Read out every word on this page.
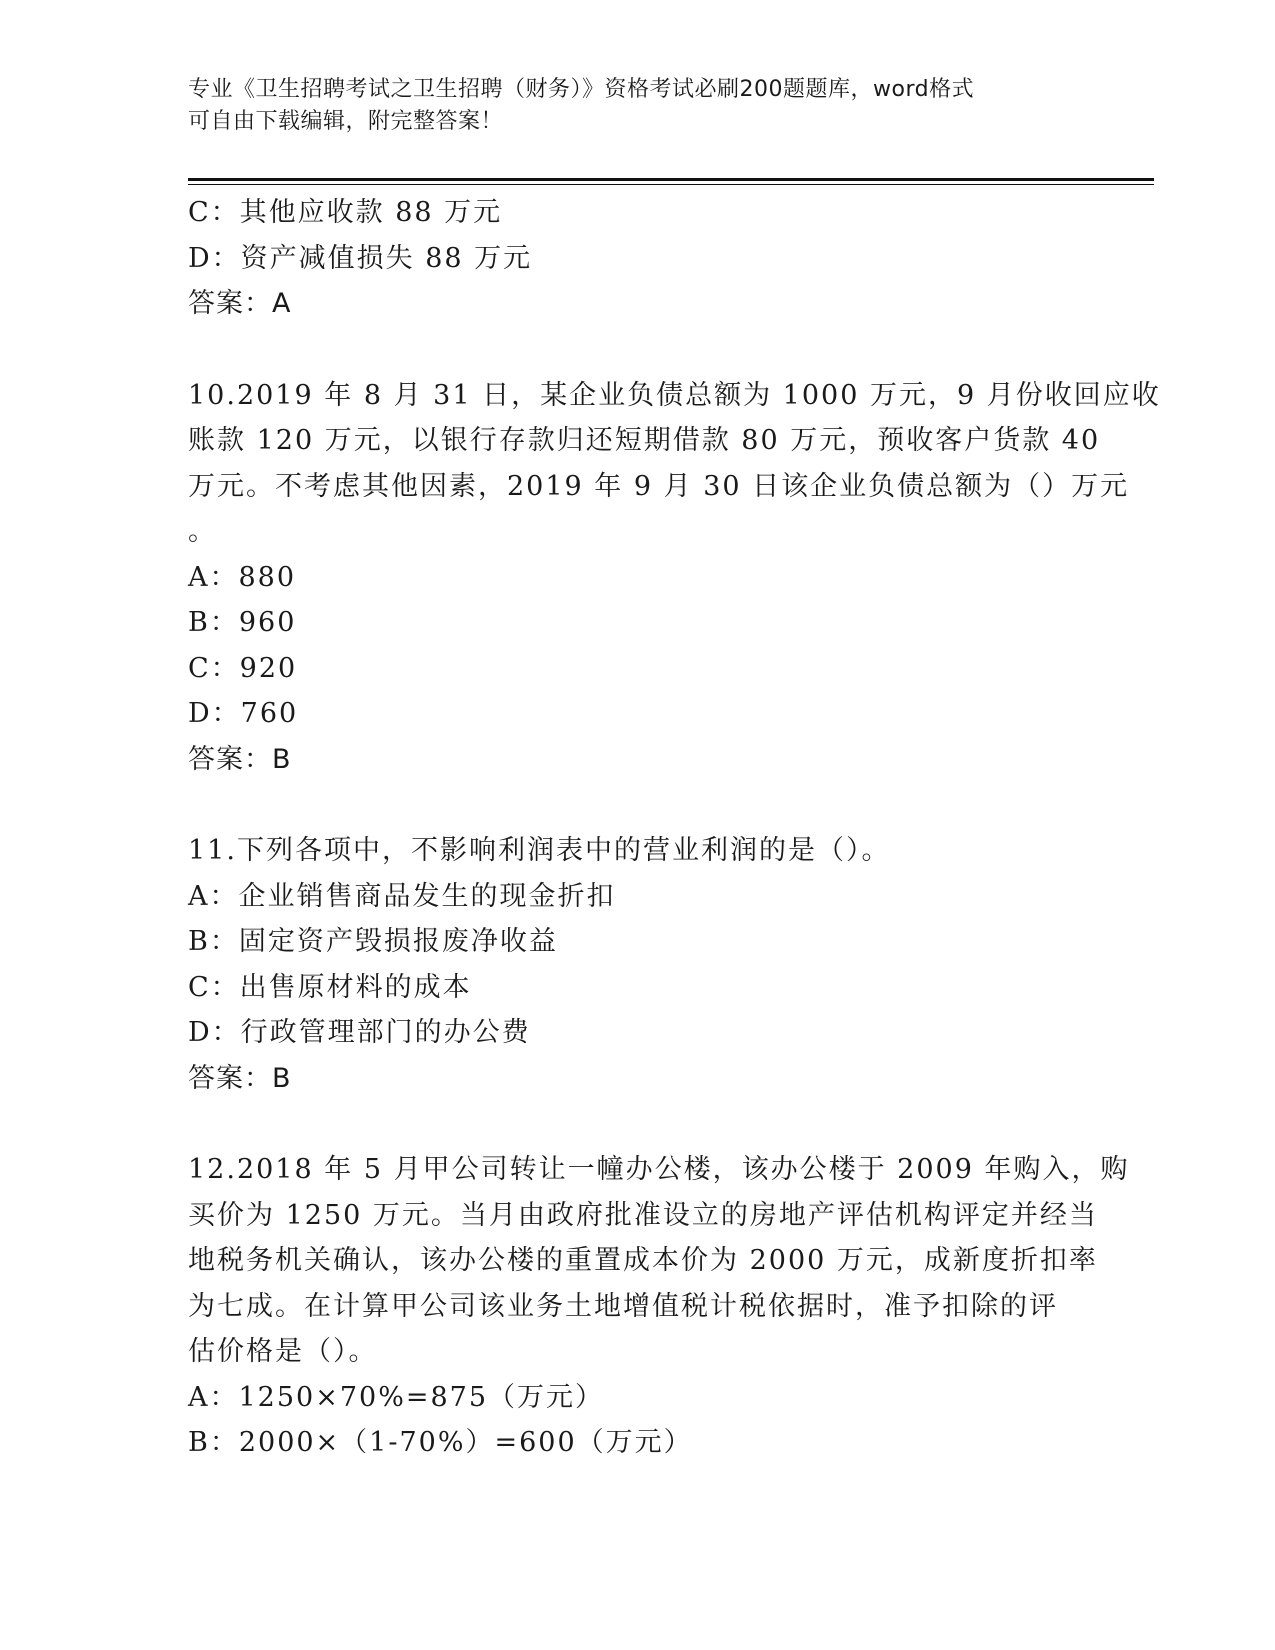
专业《卫生招聘考试之卫生招聘（财务）》资格考试必刷200题题库，word格式
可自由下载编辑，附完整答案！
C：其他应收款 88 万元
D：资产减值损失 88 万元
答案：A
10.2019 年 8 月 31 日，某企业负债总额为 1000 万元，9 月份收回应收
账款 120 万元，以银行存款归还短期借款 80 万元，预收客户货款 40
万元。不考虑其他因素，2019 年 9 月 30 日该企业负债总额为（）万元
。
A：880
B：960
C：920
D：760
答案：B
11.下列各项中，不影响利润表中的营业利润的是（）。
A：企业销售商品发生的现金折扣
B：固定资产毁损报废净收益
C：出售原材料的成本
D：行政管理部门的办公费
答案：B
12.2018 年 5 月甲公司转让一幢办公楼，该办公楼于 2009 年购入，购
买价为 1250 万元。当月由政府批准设立的房地产评估机构评定并经当
地税务机关确认，该办公楼的重置成本价为 2000 万元，成新度折扣率
为七成。在计算甲公司该业务土地增值税计税依据时，准予扣除的评
估价格是（）。
A：1250×70%=875（万元）
B：2000×（1-70%）=600（万元）
